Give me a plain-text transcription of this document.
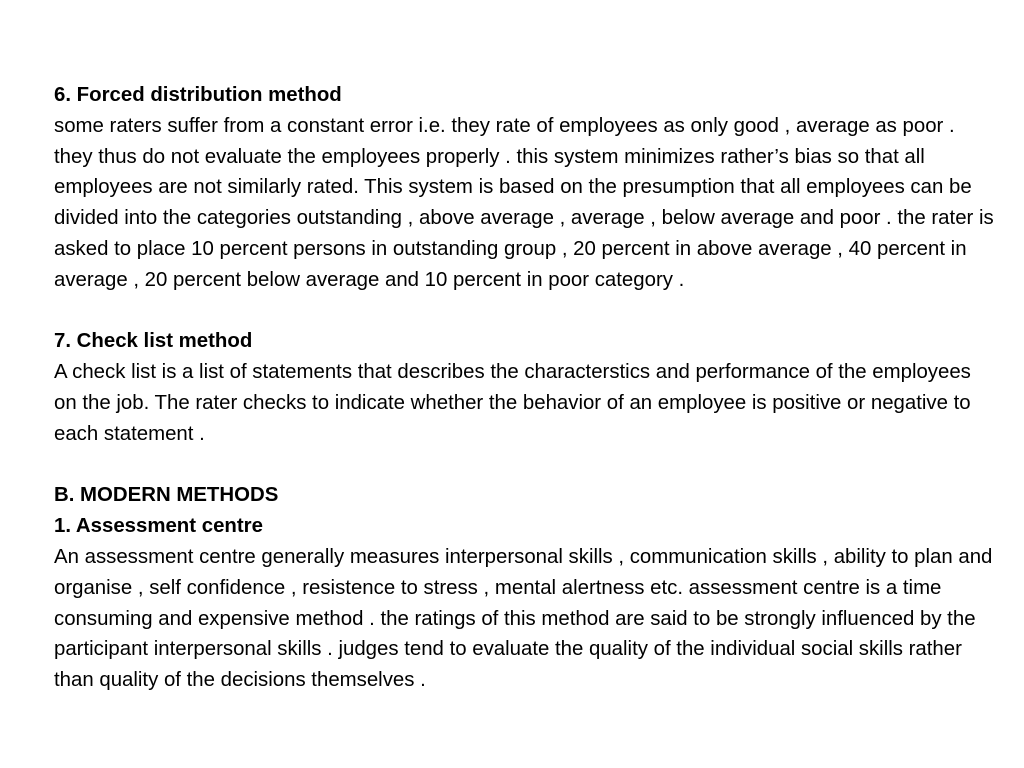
6. Forced distribution method
some raters suffer from a constant error i.e. they rate of employees as only good , average as poor . they thus do not evaluate the employees properly . this system minimizes rather’s bias so that all employees are not similarly rated. This system is based on the presumption that all employees can be divided into the categories outstanding , above average , average , below average and poor . the rater is asked to place 10 percent persons in outstanding group , 20 percent in above average , 40 percent in average , 20 percent below average and 10 percent in poor category .
7. Check list method
A check list is a list of statements that describes the characterstics and performance of the employees on the job. The rater checks to indicate whether the behavior of an employee is positive or negative to each statement .
B. MODERN METHODS
1. Assessment centre
An assessment centre generally measures interpersonal skills , communication skills , ability to plan and organise , self confidence , resistence to stress , mental alertness etc. assessment centre is a time consuming and expensive method . the ratings of this method are said to be strongly influenced by the participant interpersonal skills . judges tend to evaluate the quality of the individual social skills rather than quality of the decisions themselves .
